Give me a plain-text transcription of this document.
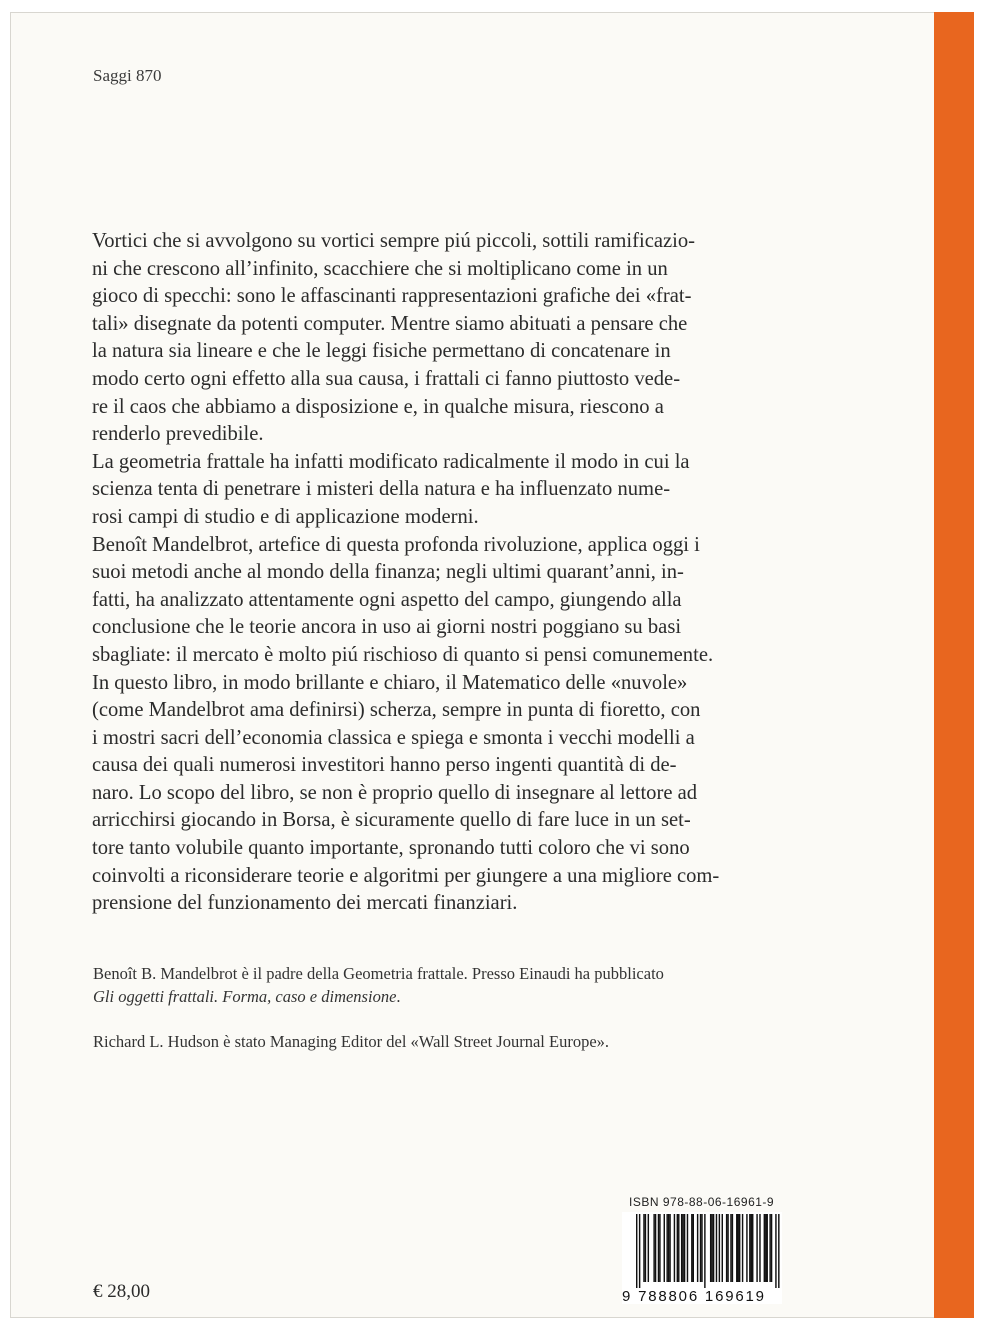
Saggi 870

Vortici che si avvolgono su vortici sempre piú piccoli, sottili ramificazio-

ni che crescono all’infinito, scacchiere che si moltiplicano come in un

gioco di specchi: sono le affascinanti rappresentazioni grafiche dei «frat-

tali» disegnate da potenti computer. Mentre siamo abituati a pensare che

la natura sia lineare e che le leggi fisiche permettano di concatenare in

modo certo ogni effetto alla sua causa, i frattali ci fanno piuttosto vede-

re il caos che abbiamo a disposizione e, in qualche misura, riescono a

renderlo prevedibile.

La geometria frattale ha infatti modificato radicalmente il modo in cui la

scienza tenta di penetrare i misteri della natura e ha influenzato nume-

rosi campi di studio e di applicazione moderni.

Benoît Mandelbrot, artefice di questa profonda rivoluzione, applica oggi i

suoi metodi anche al mondo della finanza; negli ultimi quarant’anni, in-

fatti, ha analizzato attentamente ogni aspetto del campo, giungendo alla

conclusione che le teorie ancora in uso ai giorni nostri poggiano su basi

sbagliate: il mercato è molto piú rischioso di quanto si pensi comunemente.

In questo libro, in modo brillante e chiaro, il Matematico delle «nuvole»

(come Mandelbrot ama definirsi) scherza, sempre in punta di fioretto, con

i mostri sacri dell’economia classica e spiega e smonta i vecchi modelli a

causa dei quali numerosi investitori hanno perso ingenti quantità di de-

naro. Lo scopo del libro, se non è proprio quello di insegnare al lettore ad

arricchirsi giocando in Borsa, è sicuramente quello di fare luce in un set-

tore tanto volubile quanto importante, spronando tutti coloro che vi sono

coinvolti a riconsiderare teorie e algoritmi per giungere a una migliore com-

prensione del funzionamento dei mercati finanziari.

Benoît B. Mandelbrot è il padre della Geometria frattale. Presso Einaudi ha pubblicato
Gli oggetti frattali. Forma, caso e dimensione.
Richard L. Hudson è stato Managing Editor del «Wall Street Journal Europe».
ISBN 978-88-06-16961-9
9 788806 169619
€ 28,00
